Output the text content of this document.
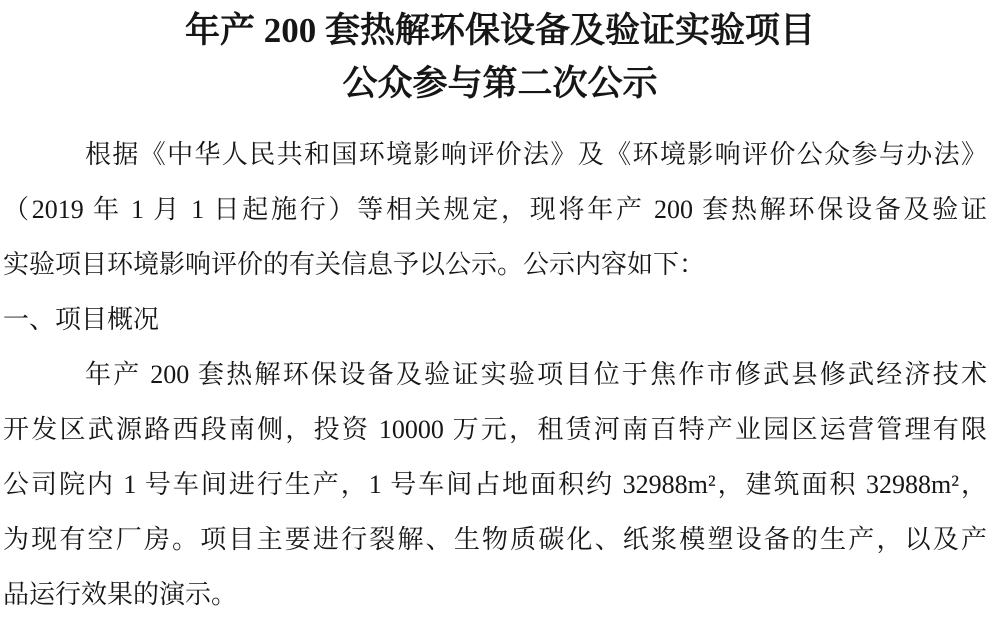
年产 200 套热解环保设备及验证实验项目
公众参与第二次公示
根据《中华人民共和国环境影响评价法》及《环境影响评价公众参与办法》
（2019 年 1 月 1 日起施行）等相关规定，现将年产 200 套热解环保设备及验证
实验项目环境影响评价的有关信息予以公示。公示内容如下：
一、项目概况
年产 200 套热解环保设备及验证实验项目位于焦作市修武县修武经济技术
开发区武源路西段南侧，投资 10000 万元，租赁河南百特产业园区运营管理有限
公司院内 1 号车间进行生产，1 号车间占地面积约 32988m²，建筑面积 32988m²，
为现有空厂房。项目主要进行裂解、生物质碳化、纸浆模塑设备的生产，以及产
品运行效果的演示。
